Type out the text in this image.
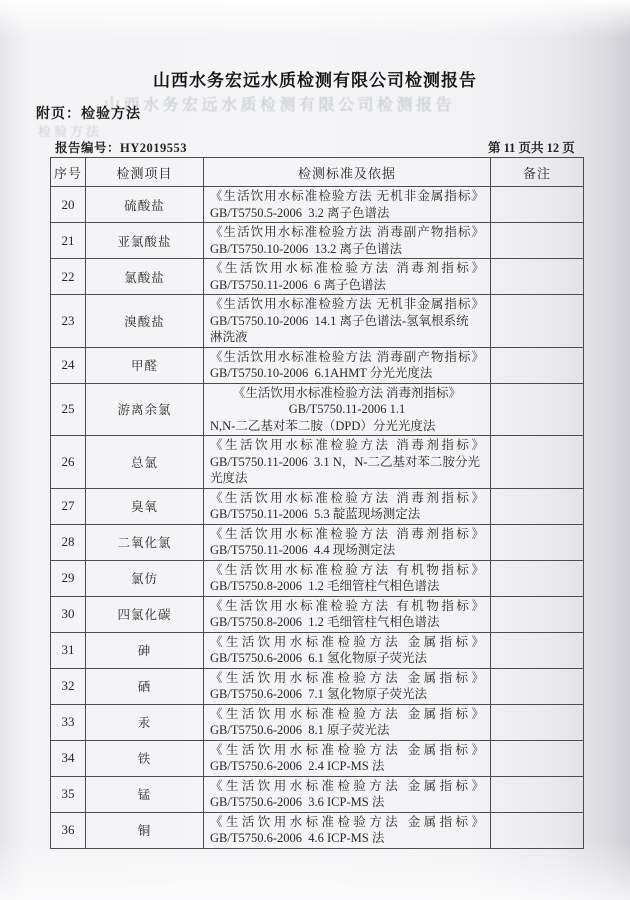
山西水务宏远水质检测有限公司检测报告
检验方法
山西水务宏远水质检测有限公司检测报告
附页：检验方法
报告编号：HY2019553	第 11 页共 12 页
序号	检测项目	检测标准及依据	备注
20	硫酸盐	《生活饮用水标准检验方法 无机非金属指标》
GB/T5750.5-2006  3.2 离子色谱法	

21	亚氯酸盐	《生活饮用水标准检验方法 消毒副产物指标》
GB/T5750.10-2006  13.2 离子色谱法	

22	氯酸盐	《生活饮用水标准检验方法 消毒剂指标》
GB/T5750.11-2006  6 离子色谱法	

23	溴酸盐	《生活饮用水标准检验方法 无机非金属指标》
GB/T5750.10-2006  14.1 离子色谱法-氢氧根系统
淋洗液	

24	甲醛	《生活饮用水标准检验方法 消毒副产物指标》
GB/T5750.10-2006  6.1AHMT 分光光度法	

25	游离余氯	《生活饮用水标准检验方法 消毒剂指标》
GB/T5750.11-2006 1.1
N,N-二乙基对苯二胺（DPD）分光光度法	

26	总氯	《生活饮用水标准检验方法 消毒剂指标》
GB/T5750.11-2006  3.1 N，N-二乙基对苯二胺分光
光度法	

27	臭氧	《生活饮用水标准检验方法 消毒剂指标》
GB/T5750.11-2006  5.3 靛蓝现场测定法	

28	二氧化氯	《生活饮用水标准检验方法 消毒剂指标》
GB/T5750.11-2006  4.4 现场测定法	

29	氯仿	《生活饮用水标准检验方法 有机物指标》
GB/T5750.8-2006  1.2 毛细管柱气相色谱法	

30	四氯化碳	《生活饮用水标准检验方法 有机物指标》
GB/T5750.8-2006  1.2 毛细管柱气相色谱法	

31	砷	《生活饮用水标准检验方法 金属指标》
GB/T5750.6-2006  6.1 氢化物原子荧光法	

32	硒	《生活饮用水标准检验方法 金属指标》
GB/T5750.6-2006  7.1 氢化物原子荧光法	

33	汞	《生活饮用水标准检验方法 金属指标》
GB/T5750.6-2006  8.1 原子荧光法	

34	铁	《生活饮用水标准检验方法 金属指标》
GB/T5750.6-2006  2.4 ICP-MS 法	

35	锰	《生活饮用水标准检验方法 金属指标》
GB/T5750.6-2006  3.6 ICP-MS 法	

36	铜	《生活饮用水标准检验方法 金属指标》
GB/T5750.6-2006  4.6 ICP-MS 法	
